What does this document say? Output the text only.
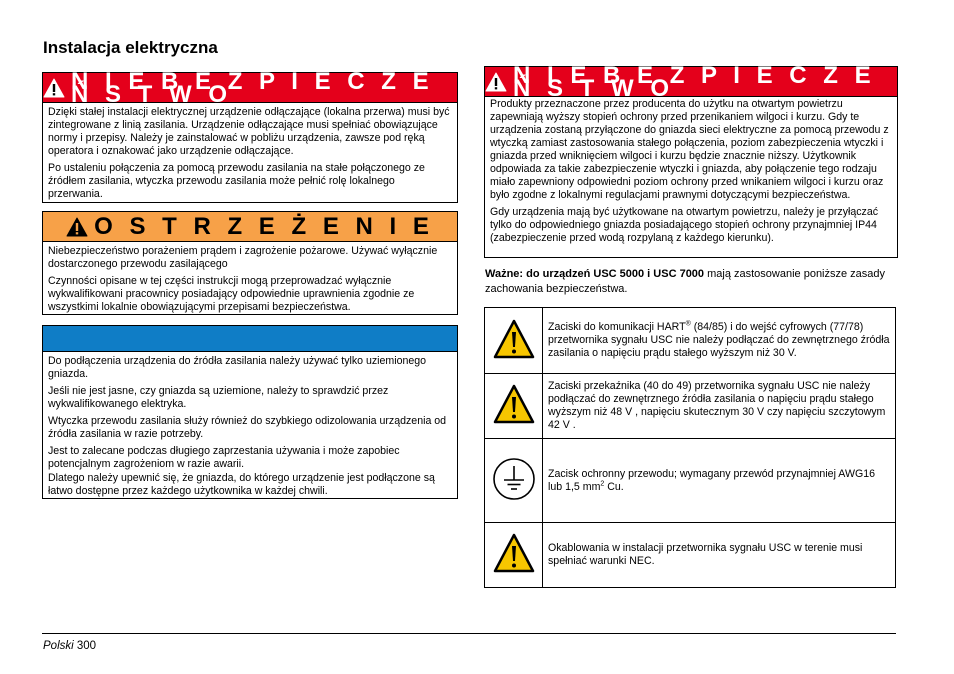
Instalacja elektryczna
N I E B E Z P I E C Z E Ń S T W O

Dzięki stałej instalacji elektrycznej urządzenie odłączające (lokalna przerwa) musi być zintegrowane z linią zasilania. Urządzenie odłączające musi spełniać obowiązujące normy i przepisy. Należy je zainstalować w pobliżu urządzenia, zawsze pod ręką operatora i oznakować jako urządzenie odłączające.

Po ustaleniu połączenia za pomocą przewodu zasilania na stałe połączonego ze źródłem zasilania, wtyczka przewodu zasilania może pełnić rolę lokalnego przerwania.

O S T R Z E Ż E N I E

Niebezpieczeństwo porażeniem prądem i zagrożenie pożarowe. Używać wyłącznie dostarczonego przewodu zasilającego

Czynności opisane w tej części instrukcji mogą przeprowadzać wyłącznie wykwalifikowani pracownicy posiadający odpowiednie uprawnienia zgodnie ze wszystkimi lokalnie obowiązującymi przepisami bezpieczeństwa.

Do podłączenia urządzenia do źródła zasilania należy używać tylko uziemionego gniazda.

Jeśli nie jest jasne, czy gniazda są uziemione, należy to sprawdzić przez wykwalifikowanego elektryka.

Wtyczka przewodu zasilania służy również do szybkiego odizolowania urządzenia od źródła zasilania w razie potrzeby.

Jest to zalecane podczas długiego zaprzestania używania i może zapobiec potencjalnym zagrożeniom w razie awarii.

Dlatego należy upewnić się, że gniazda, do którego urządzenie jest podłączone są łatwo dostępne przez każdego użytkownika w każdej chwili.

N I E B E Z P I E C Z E Ń S T W O

Produkty przeznaczone przez producenta do użytku na otwartym powietrzu zapewniają wyższy stopień ochrony przed przenikaniem wilgoci i kurzu. Gdy te urządzenia zostaną przyłączone do gniazda sieci elektryczne za pomocą przewodu z wtyczką zamiast zastosowania stałego połączenia, poziom zabezpieczenia wtyczki i gniazda przed wniknięciem wilgoci i kurzu będzie znacznie niższy. Użytkownik odpowiada za takie zabezpieczenie wtyczki i gniazda, aby połączenie tego rodzaju miało zapewniony odpowiedni poziom ochrony przed wnikaniem wilgoci i kurzu oraz było zgodne z lokalnymi regulacjami prawnymi dotyczącymi bezpieczeństwa.

Gdy urządzenia mają być użytkowane na otwartym powietrzu, należy je przyłączać tylko do odpowiedniego gniazda posiadającego stopień ochrony przynajmniej IP44 (zabezpieczenie przed wodą rozpylaną z każdego kierunku).

Ważne: do urządzeń USC 5000 i USC 7000 mają zastosowanie poniższe zasady zachowania bezpieczeństwa.

	Zaciski do komunikacji HART® (84/85) i do wejść cyfrowych (77/78) przetwornika sygnału USC nie należy podłączać do zewnętrznego źródła zasilania o napięciu prądu stałego wyższym niż 30 V.
	Zaciski przekaźnika (40 do 49) przetwornika sygnału USC nie należy podłączać do zewnętrznego źródła zasilania o napięciu prądu stałego wyższym niż 48 V , napięciu skutecznym 30 V czy napięciu szczytowym 42 V .
	Zacisk ochronny przewodu; wymagany przewód przynajmniej AWG16 lub 1,5 $mm^2$ Cu.
	Okablowania w instalacji przetwornika sygnału USC w terenie musi spełniać warunki NEC.
Polski 300
